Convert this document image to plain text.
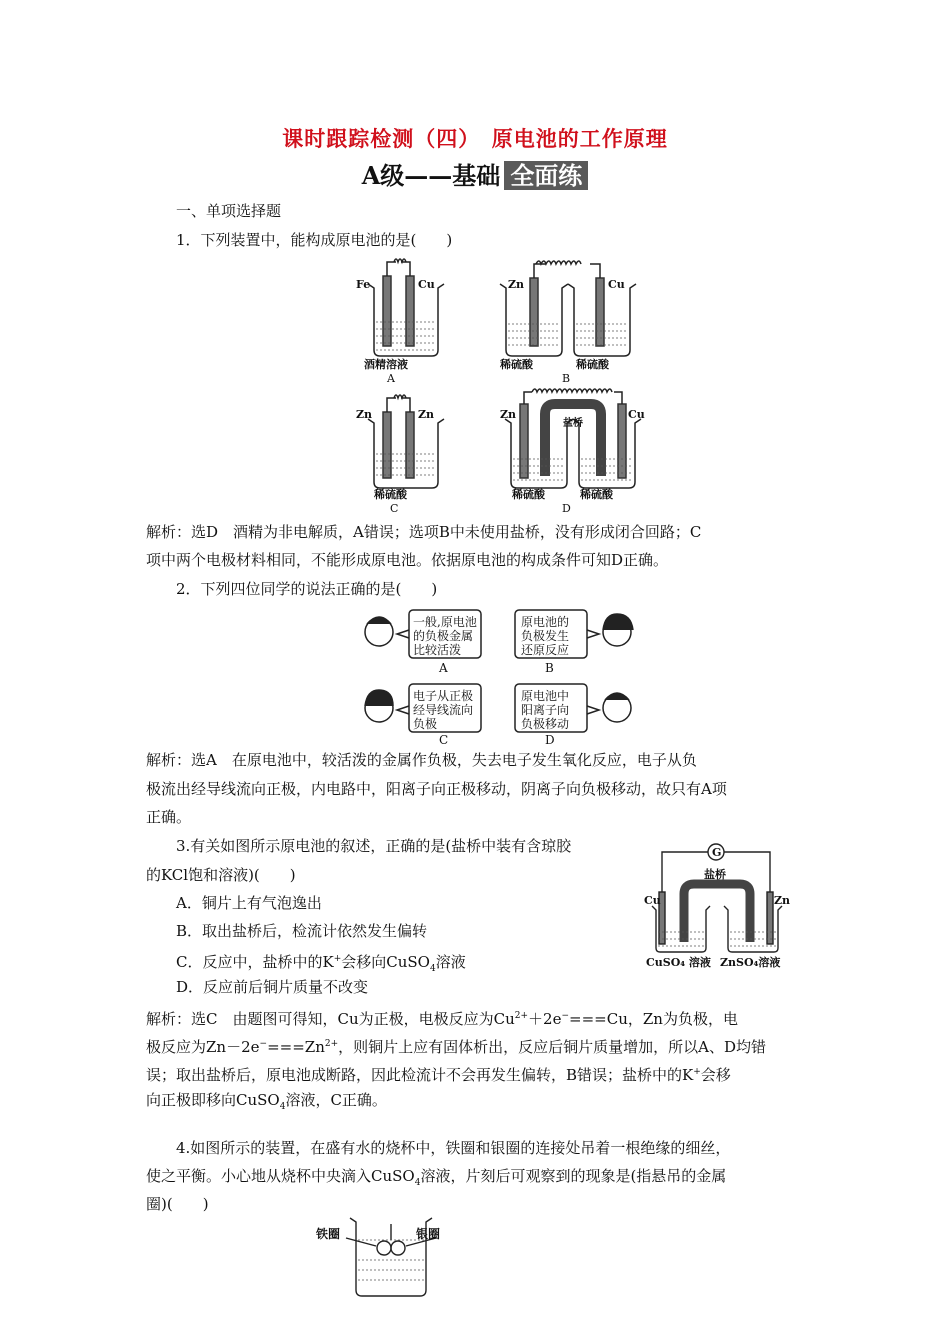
课时跟踪检测（四）　原电池的工作原理
A级——基础 全面练
一、单项选择题
1．下列装置中，能构成原电池的是(　　)
Fe	Cu
酒精溶液
A
Zn	Cu
稀硫酸	稀硫酸
B
Zn	Zn
稀硫酸
C
Zn	Cu
盐桥
稀硫酸	稀硫酸
D
解析：选D　酒精为非电解质，A错误；选项B中未使用盐桥，没有形成闭合回路；C
项中两个电极材料相同，不能形成原电池。依据原电池的构成条件可知D正确。
2．下列四位同学的说法正确的是(　　)
一般,原电池
的负极金属
比较活泼
A
原电池的
负极发生
还原反应
B
电子从正极
经导线流向
负极
C
原电池中
阳离子向
负极移动
D
解析：选A　在原电池中，较活泼的金属作负极，失去电子发生氧化反应，电子从负
极流出经导线流向正极，内电路中，阳离子向正极移动，阴离子向负极移动，故只有A项
正确。
3.有关如图所示原电池的叙述，正确的是(盐桥中装有含琼胶
的KCl饱和溶液)(　　)
A．铜片上有气泡逸出
B．取出盐桥后，检流计依然发生偏转
C．反应中，盐桥中的K+会移向CuSO$_4$溶液
D．反应前后铜片质量不改变
G
盐桥
Cu	Zn
CuSO₄ 溶液 ZnSO₄溶液
解析：选C　由题图可得知，Cu为正极，电极反应为$Cu^{2+}+2e^-===Cu$，Zn为负极，电
极反应为$Zn-2e^-===Zn^{2+}$，则铜片上应有固体析出，反应后铜片质量增加，所以A、D均错
误；取出盐桥后，原电池成断路，因此检流计不会再发生偏转，B错误；盐桥中的K+会移
向正极即移向CuSO$_4$溶液，C正确。
4.如图所示的装置，在盛有水的烧杯中，铁圈和银圈的连接处吊着一根绝缘的细丝，
使之平衡。小心地从烧杯中央滴入CuSO$_4$溶液，片刻后可观察到的现象是(指悬吊的金属
圈)(　　)
铁圈	银圈
